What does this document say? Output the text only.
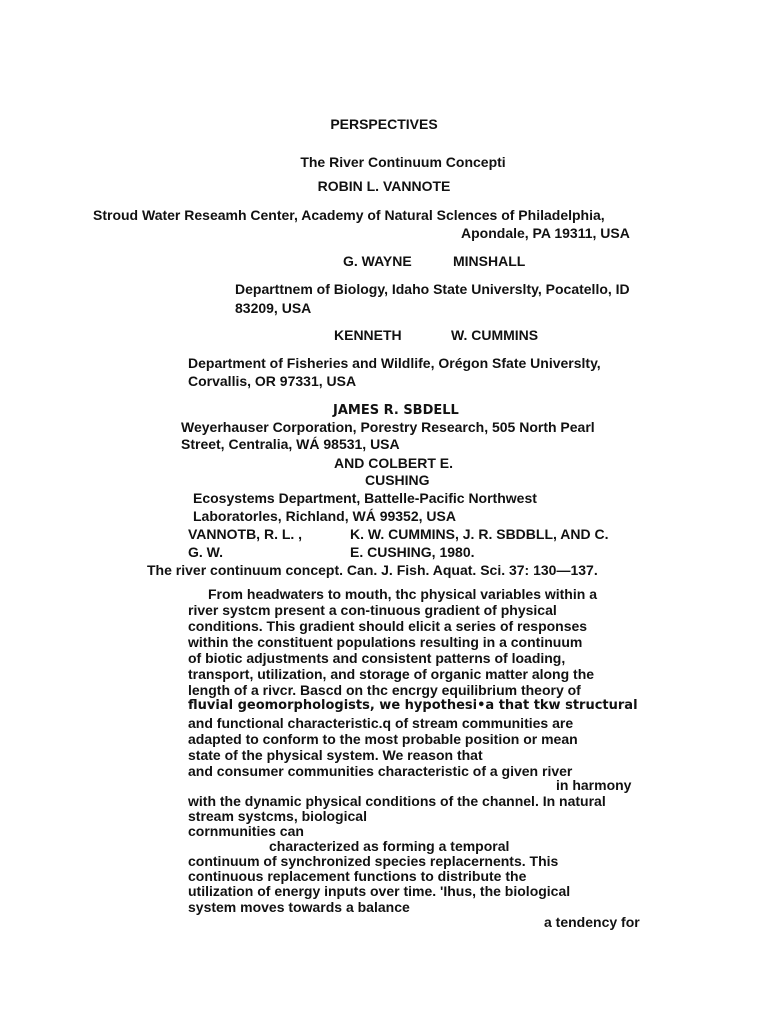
PERSPECTIVES
The River Continuum Concepti
ROBIN L. VANNOTE
Stroud Water Reseamh Center, Academy of Natural Sclences of Philadelphia,
Apondale, PA 19311, USA
G. WAYNE	MINSHALL
Departtnem of Biology, Idaho State Universlty, Pocatello, ID
83209, USA
KENNETH	W. CUMMINS
Department of Fisheries and Wildlife, Orégon Sfate Universlty,
Corvallis, OR 97331, USA
JAMES R. SBDELL
Weyerhauser Corporation, Porestry Research, 505 North Pearl
Street, Centralia, WÁ 98531, USA
AND COLBERT E.
CUSHING
Ecosystems Department, Battelle-Pacific Northwest
Laboratorles, Richland, WÁ 99352, USA
VANNOTB, R. L. ,	K. W. CUMMINS, J. R. SBDBLL, AND C.
G. W.	E. CUSHING, 1980.
The river continuum concept. Can. J. Fish. Aquat. Sci. 37: 130—137.
From headwaters to mouth, thc physical variables within a
river systcm present a con-tinuous gradient of physical
conditions. This gradient should elicit a series of responses
within the constituent populations resulting in a continuum
of biotic adjustments and consistent patterns of loading,
transport, utilization, and storage of organic matter along the
length of a rivcr. Bascd on thc encrgy equilibrium theory of
fluvial geomorphologists, we hypothesi•a that tkw structural
and functional characteristic.q of stream communities are
adapted to conform to the most probable position or mean
state of the physical system. We reason that
and consumer communities characteristic of a given river
in harmony
with the dynamic physical conditions of the channel. In natural
stream systcms, biological
cornmunities can
characterized as forming a temporal
continuum of synchronized species replacernents. This
continuous replacement functions to distribute the
utilization of energy inputs over time. 'Ihus, the biological
system moves towards a balance
a tendency for
